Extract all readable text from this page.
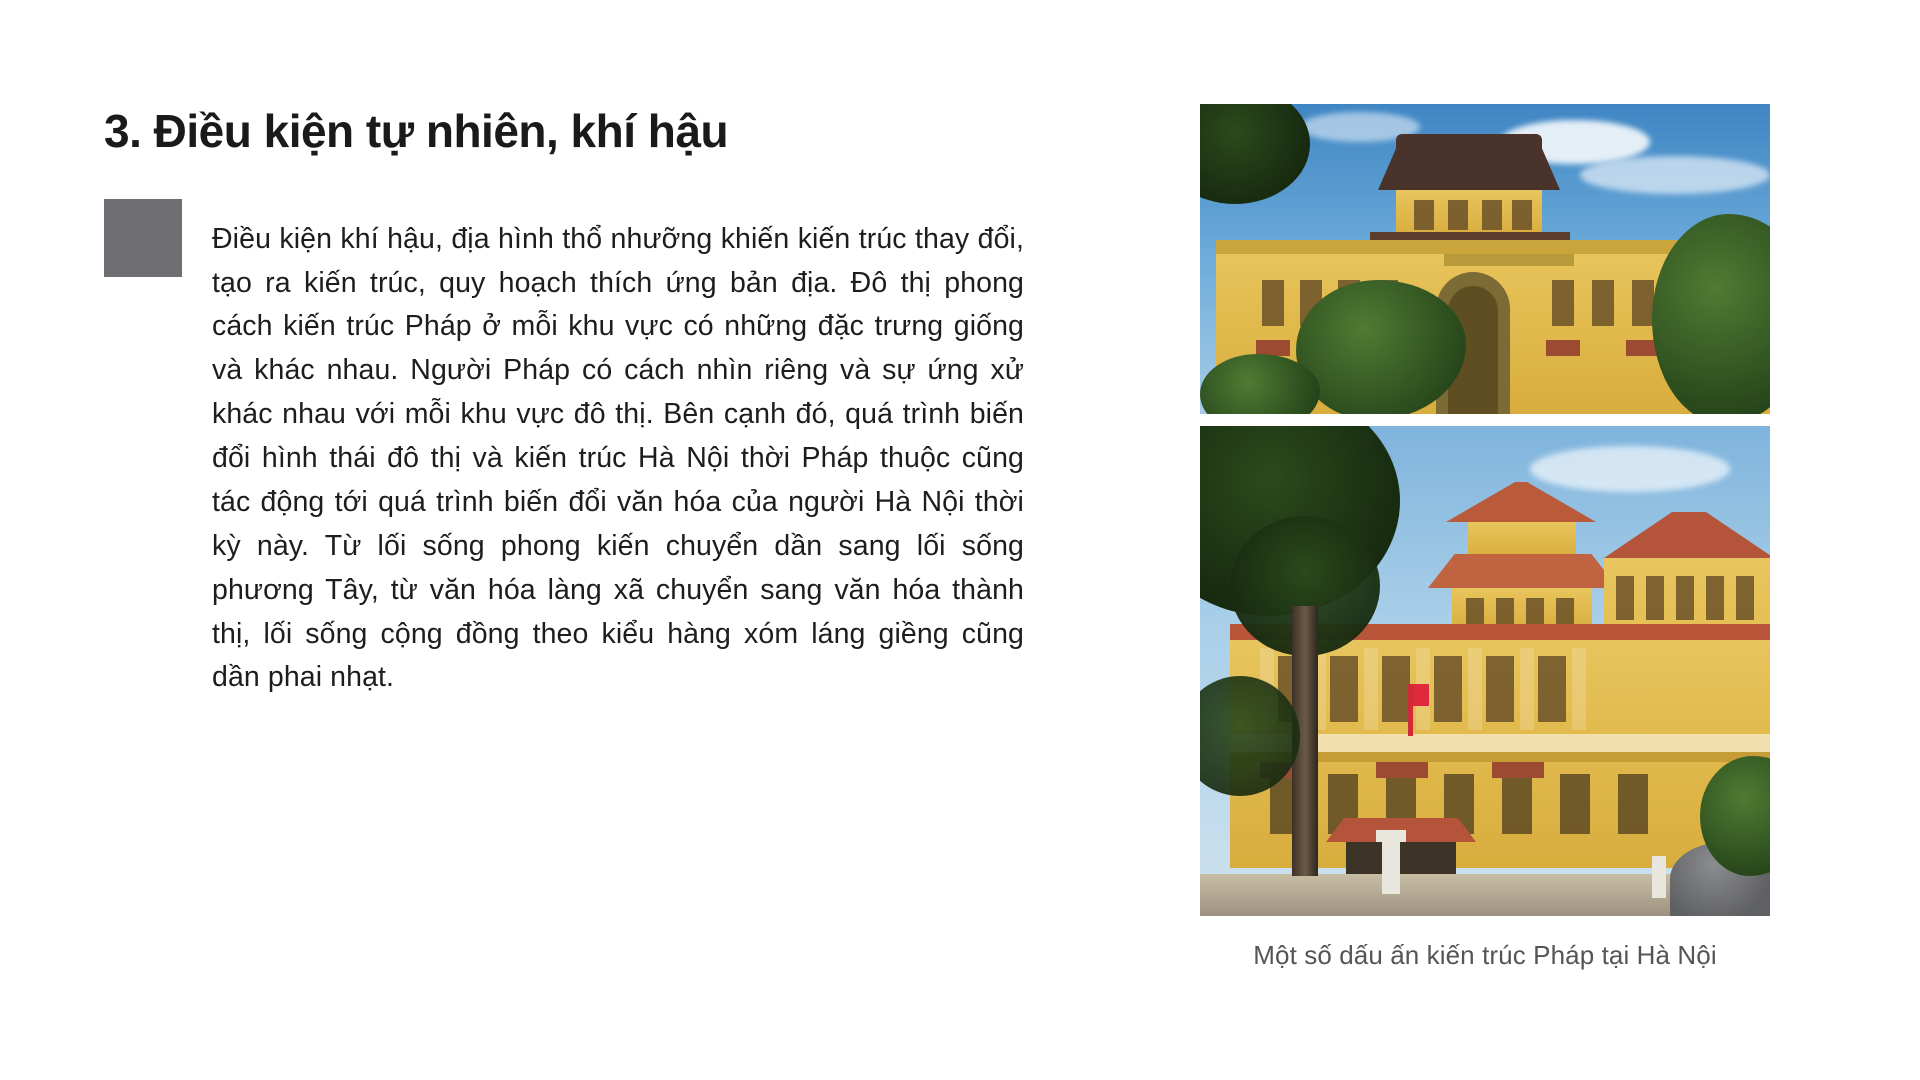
3. Điều kiện tự nhiên, khí hậu

Điều kiện khí hậu, địa hình thổ nhưỡng khiến kiến trúc thay đổi, tạo ra kiến trúc, quy hoạch thích ứng bản địa. Đô thị phong cách kiến trúc Pháp ở mỗi khu vực có những đặc trưng giống và khác nhau. Người Pháp có cách nhìn riêng và sự ứng xử khác nhau với mỗi khu vực đô thị. Bên cạnh đó, quá trình biến đổi hình thái đô thị và kiến trúc Hà Nội thời Pháp thuộc cũng tác động tới quá trình biến đổi văn hóa của người Hà Nội thời kỳ này. Từ lối sống phong kiến chuyển dần sang lối sống phương Tây, từ văn hóa làng xã chuyển sang văn hóa thành thị, lối sống cộng đồng theo kiểu hàng xóm láng giềng cũng dần phai nhạt.

Một số dấu ấn kiến trúc Pháp tại Hà Nội
